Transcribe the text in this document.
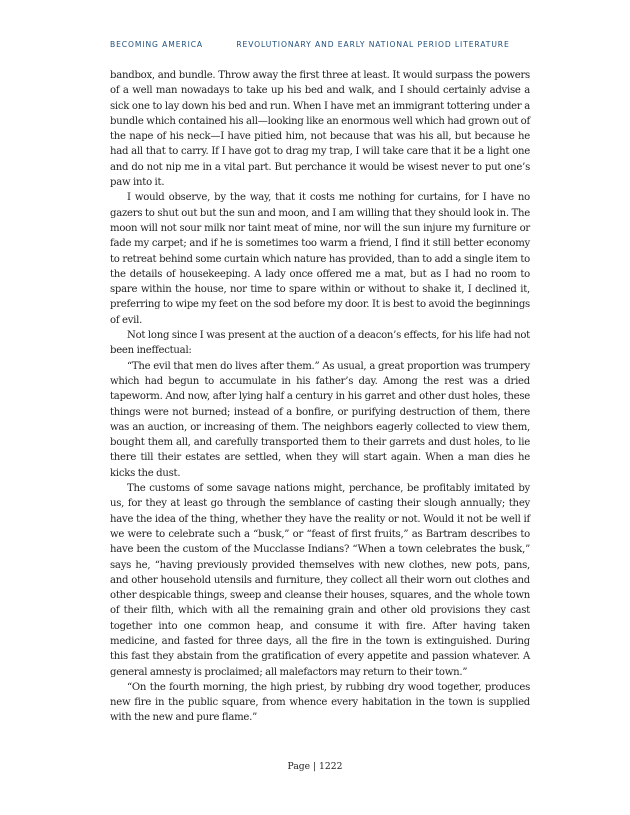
BECOMING AMERICA	REVOLUTIONARY AND EARLY NATIONAL PERIOD LITERATURE

bandbox, and bundle. Throw away the first three at least. It would surpass the powers of a well man nowadays to take up his bed and walk, and I should certainly advise a sick one to lay down his bed and run. When I have met an immigrant tottering under a bundle which contained his all—looking like an enormous well which had grown out of the nape of his neck—I have pitied him, not because that was his all, but because he had all that to carry. If I have got to drag my trap, I will take care that it be a light one and do not nip me in a vital part. But perchance it would be wisest never to put one’s paw into it.

I would observe, by the way, that it costs me nothing for curtains, for I have no gazers to shut out but the sun and moon, and I am willing that they should look in. The moon will not sour milk nor taint meat of mine, nor will the sun injure my furniture or fade my carpet; and if he is sometimes too warm a friend, I find it still better economy to retreat behind some curtain which nature has provided, than to add a single item to the details of housekeeping. A lady once offered me a mat, but as I had no room to spare within the house, nor time to spare within or without to shake it, I declined it, preferring to wipe my feet on the sod before my door. It is best to avoid the beginnings of evil.

Not long since I was present at the auction of a deacon’s effects, for his life had not been ineffectual:

“The evil that men do lives after them.” As usual, a great proportion was trumpery which had begun to accumulate in his father’s day. Among the rest was a dried tapeworm. And now, after lying half a century in his garret and other dust holes, these things were not burned; instead of a bonfire, or purifying destruction of them, there was an auction, or increasing of them. The neighbors eagerly collected to view them, bought them all, and carefully transported them to their garrets and dust holes, to lie there till their estates are settled, when they will start again. When a man dies he kicks the dust.

The customs of some savage nations might, perchance, be profitably imitated by us, for they at least go through the semblance of casting their slough annually; they have the idea of the thing, whether they have the reality or not. Would it not be well if we were to celebrate such a “busk,” or “feast of first fruits,” as Bartram describes to have been the custom of the Mucclasse Indians? “When a town celebrates the busk,” says he, “having previously provided themselves with new clothes, new pots, pans, and other household utensils and furniture, they collect all their worn out clothes and other despicable things, sweep and cleanse their houses, squares, and the whole town of their filth, which with all the remaining grain and other old provisions they cast together into one common heap, and consume it with fire. After having taken medicine, and fasted for three days, all the fire in the town is extinguished. During this fast they abstain from the gratification of every appetite and passion whatever. A general amnesty is proclaimed; all malefactors may return to their town.”

“On the fourth morning, the high priest, by rubbing dry wood together, produces new fire in the public square, from whence every habitation in the town is supplied with the new and pure flame.”

Page | 1222
